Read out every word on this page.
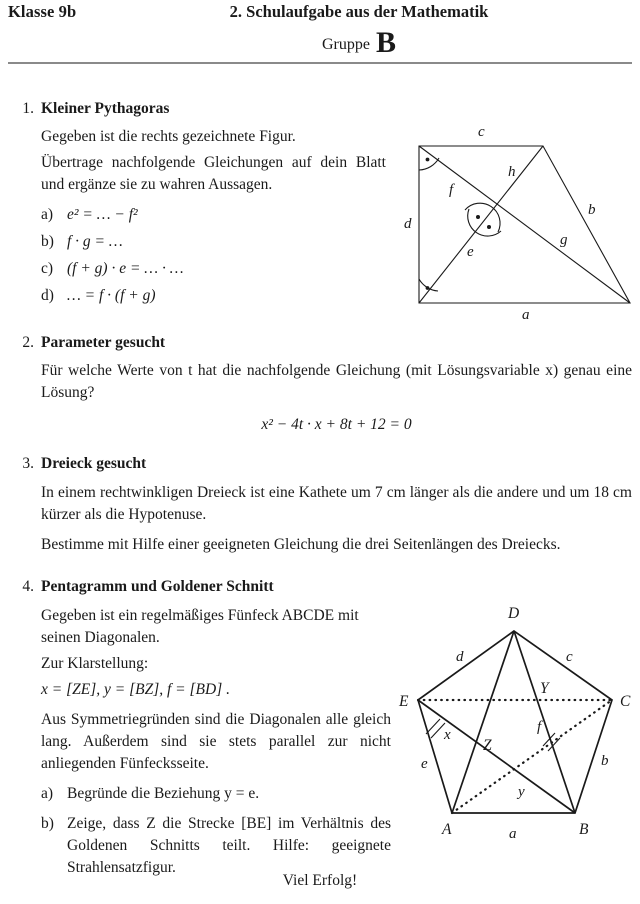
Klasse 9b	2. Schulaufgabe aus der Mathematik
Gruppe B
1. Kleiner Pythagoras

Gegeben ist die rechts gezeichnete Figur.

Übertrage nachfolgende Gleichungen auf dein Blatt und ergänze sie zu wahren Aussagen.

a) e² = … − f²
b) f · g = …
c) (f + g) · e = … · …
d) … = f · (f + g)
c
d
a
b
f
h
g
e
2. Parameter gesucht

Für welche Werte von t hat die nachfolgende Gleichung (mit Lösungsvariable x) genau eine Lösung?

x² − 4t · x + 8t + 12 = 0
3. Dreieck gesucht

In einem rechtwinkligen Dreieck ist eine Kathete um 7 cm länger als die andere und um 18 cm kürzer als die Hypotenuse.

Bestimme mit Hilfe einer geeigneten Gleichung die drei Seitenlängen des Dreiecks.

4. Pentagramm und Goldener Schnitt

Gegeben ist ein regelmäßiges Fünfeck ABCDE mit seinen Diagonalen.

Zur Klarstellung:

x = [ZE], y = [BZ], f = [BD] .

Aus Symmetriegründen sind die Diagonalen alle gleich lang. Außerdem sind sie stets parallel zur nicht anliegenden Fünfecksseite.

a) Begründe die Beziehung y = e.
b) Zeige, dass Z die Strecke [BE] im Verhältnis des Goldenen Schnitts teilt. Hilfe: geeignete Strahlensatzfigur.
D
E	C
A	B
Y
Z
a
b
c
d
e
x
y
f
Viel Erfolg!
